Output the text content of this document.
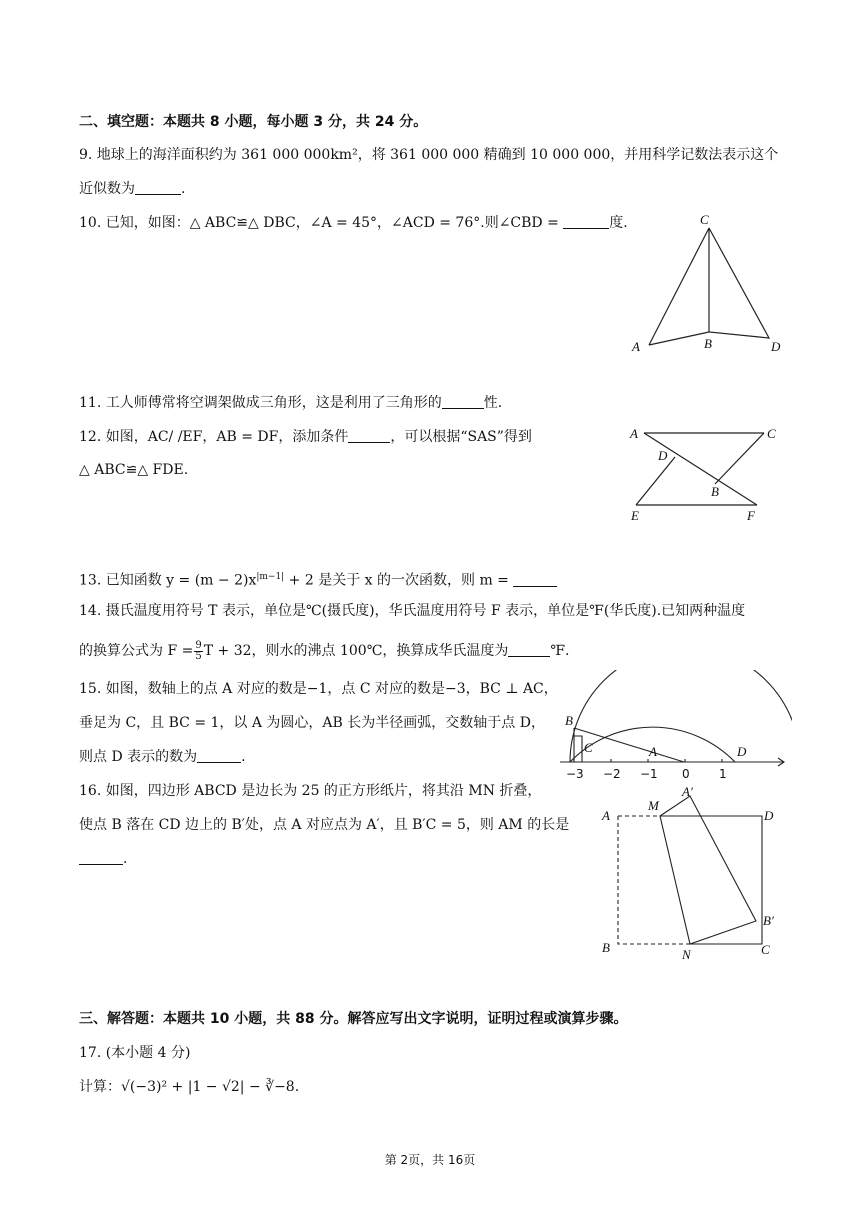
二、填空题：本题共 8 小题，每小题 3 分，共 24 分。
9. 地球上的海洋面积约为 361 000 000km²，将 361 000 000 精确到 10 000 000，并用科学记数法表示这个
近似数为	.
10. 已知，如图：△ ABC≌△ DBC，∠A = 45°，∠ACD = 76°.则∠CBD =	度.	C
A	B	D
11. 工人师傅常将空调架做成三角形，这是利用了三角形的	性.
12. 如图，AC/ /EF，AB = DF，添加条件	，可以根据“SAS”得到
△ ABC≌△ FDE.
A	C
D
B
E	F
13. 已知函数 $y = (m - 2)x^{|m-1|} + 2$ 是关于 x 的一次函数，则 m =
14. 摄氏温度用符号 T 表示，单位是℃(摄氏度)，华氏温度用符号 F 表示，单位是℉(华氏度).已知两种温度
的换算公式为 $F = \frac{9}{5}$ T + 32，则水的沸点 100℃，换算成华氏温度为	℉.
15. 如图，数轴上的点 A 对应的数是−1，点 C 对应的数是−3，BC ⊥ AC，
垂足为 C，且 BC = 1，以 A 为圆心，AB 长为半径画弧，交数轴于点 D，
则点 D 表示的数为	.
B
C	A	D
−3 −2 −1 0 1
16. 如图，四边形 ABCD 是边长为 25 的正方形纸片，将其沿 MN 折叠，
使点 B 落在 CD 边上的 B′处，点 A 对应点为 A′，且 B′C = 5，则 AM 的长是
.
A
M
A′
D
B′
B	N	C
三、解答题：本题共 10 小题，共 88 分。解答应写出文字说明，证明过程或演算步骤。
17. (本小题 4 分)
计算：√(−3)² + |1 − √2| − ∛−8.
第 2页，共 16页
